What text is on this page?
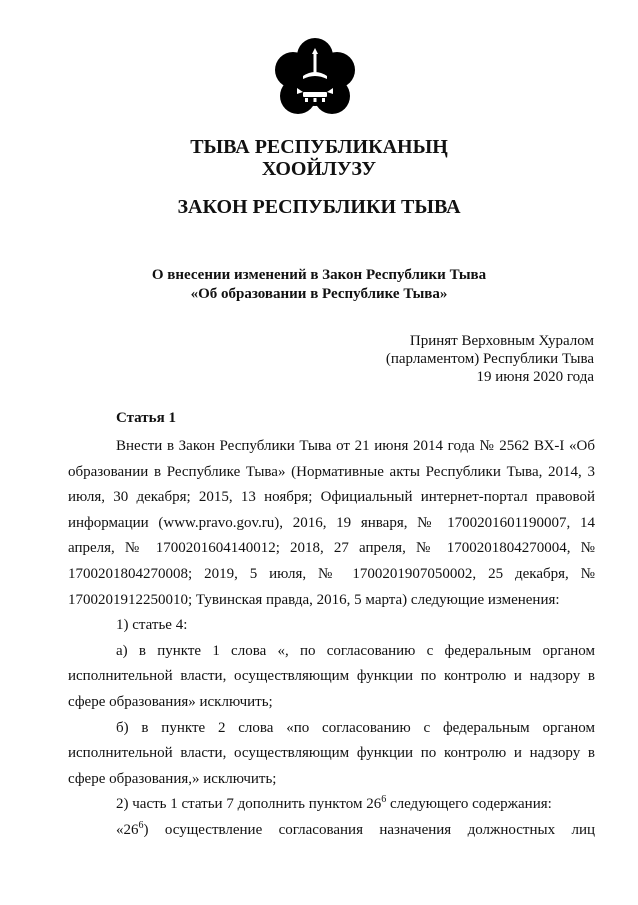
ТЫВА РЕСПУБЛИКАНЫҢ
ХООЙЛУЗУ
ЗАКОН РЕСПУБЛИКИ ТЫВА
О внесении изменений в Закон Республики Тыва
«Об образовании в Республике Тыва»
Принят Верховным Хуралом
(парламентом) Республики Тыва
19 июня 2020 года
Статья 1
Внести в Закон Республики Тыва от 21 июня 2014 года № 2562 ВХ-I «Об
образовании в Республике Тыва» (Нормативные акты Республики Тыва, 2014, 3
июля, 30 декабря; 2015, 13 ноября; Официальный интернет-портал правовой
информации (www.pravo.gov.ru), 2016, 19 января, № 1700201601190007, 14
апреля, № 1700201604140012; 2018, 27 апреля, № 1700201804270004, №
1700201804270008; 2019, 5 июля, № 1700201907050002, 25 декабря, №
1700201912250010; Тувинская правда, 2016, 5 марта) следующие изменения:
1) статье 4:
а) в пункте 1 слова «, по согласованию с федеральным органом
исполнительной власти, осуществляющим функции по контролю и надзору в
сфере образования» исключить;
б) в пункте 2 слова «по согласованию с федеральным органом
исполнительной власти, осуществляющим функции по контролю и надзору в
сфере образования,» исключить;
2) часть 1 статьи 7 дополнить пунктом $26^6$ следующего содержания:
«$26^6$) осуществление согласования назначения должностных лиц
